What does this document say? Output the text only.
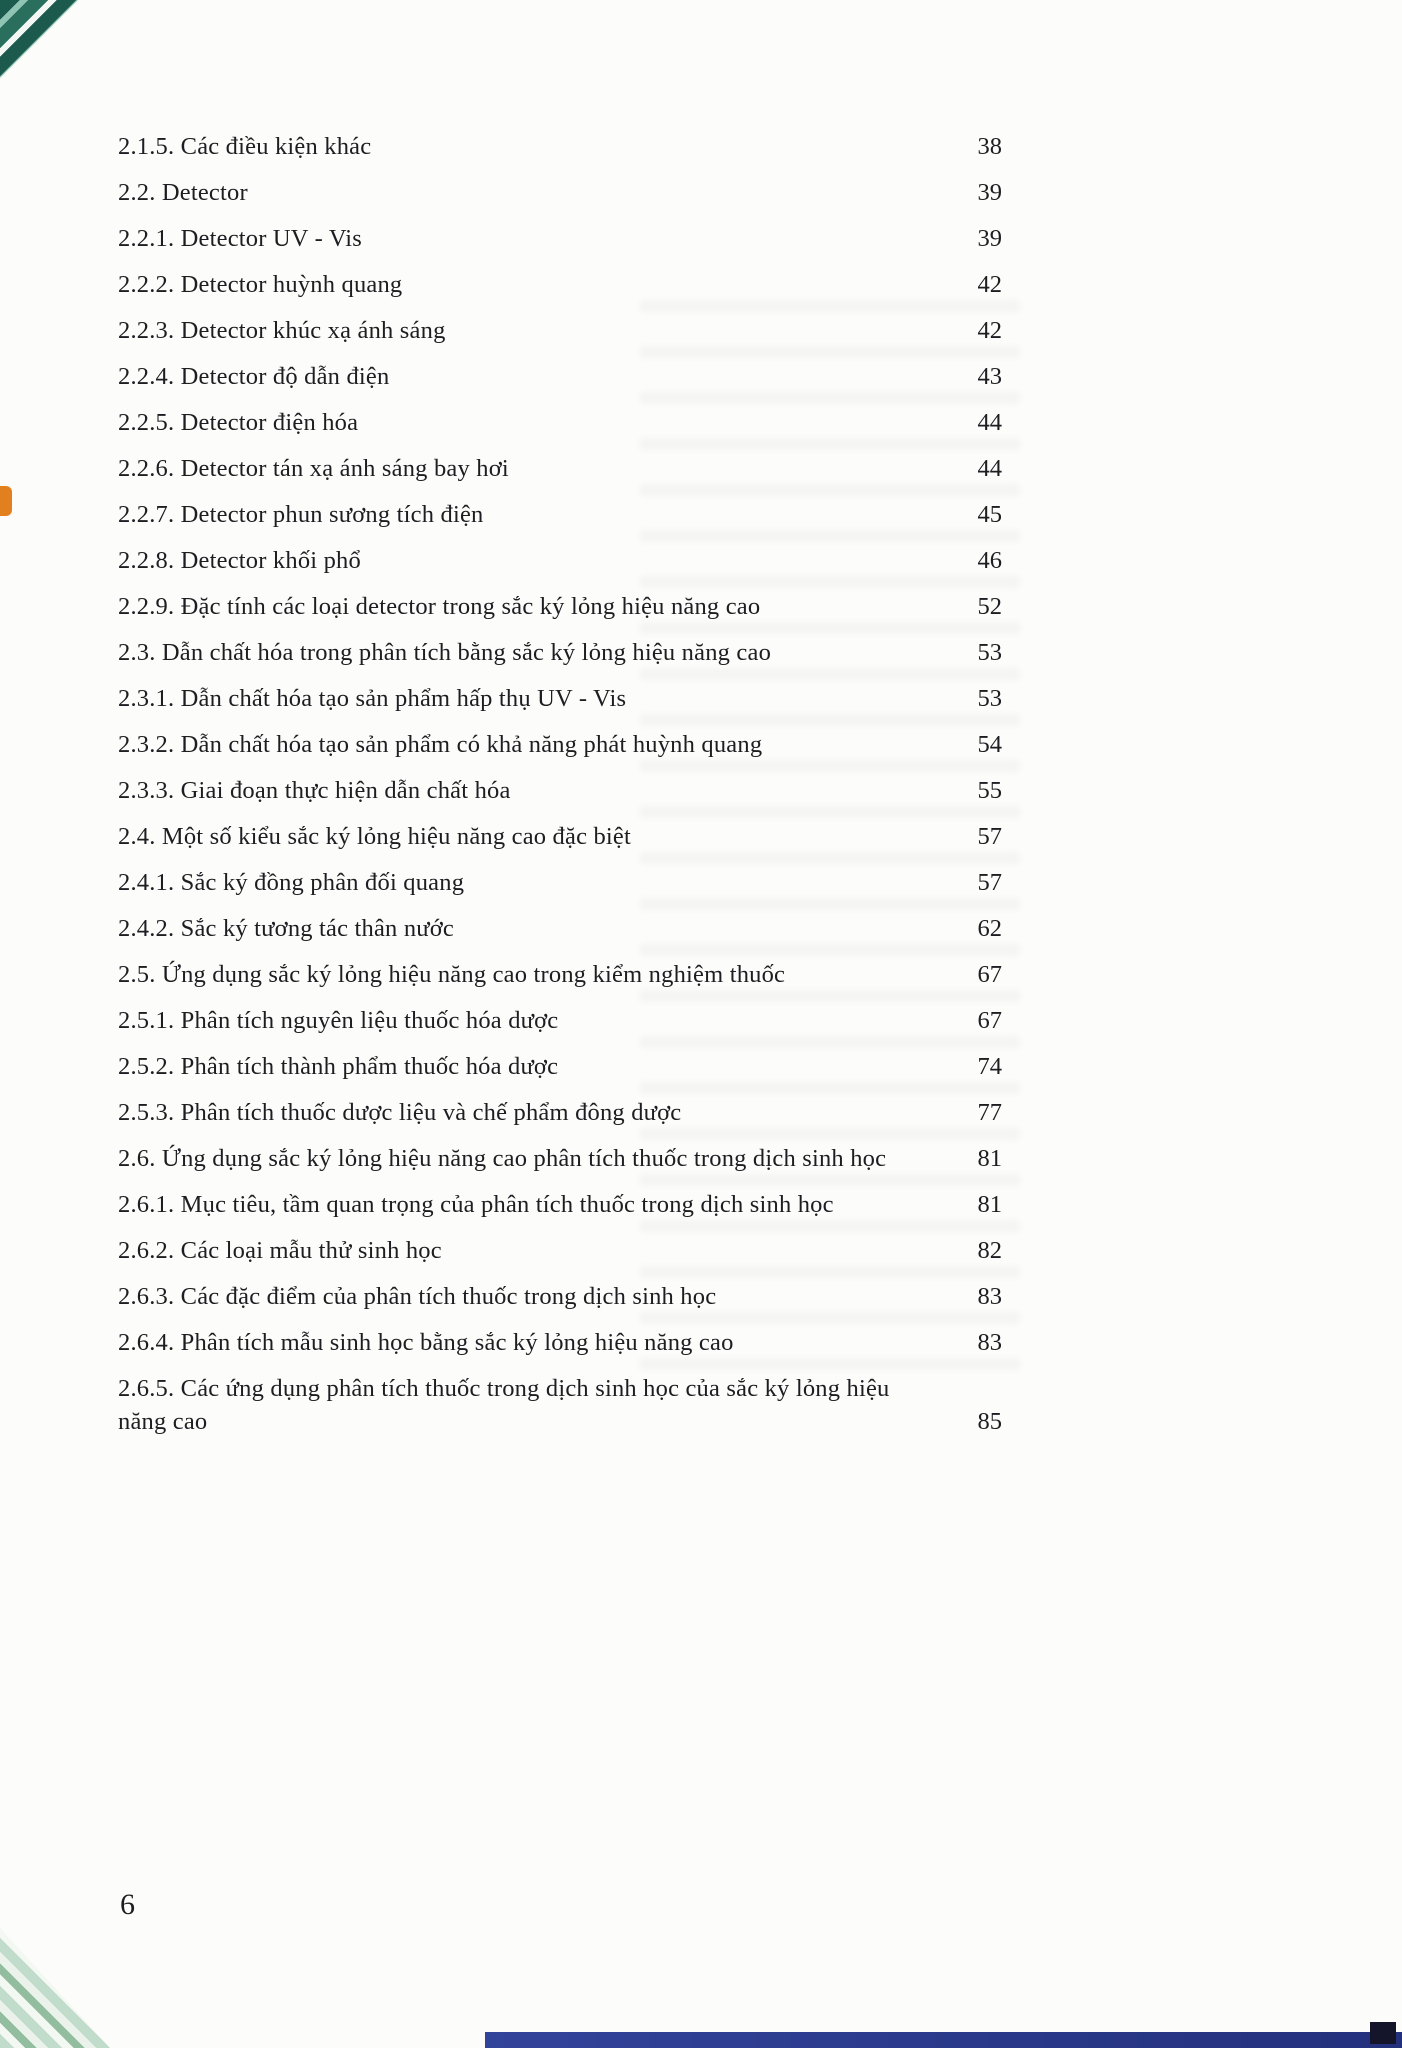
2.1.5. Các điều kiện khác	38
2.2. Detector	39
2.2.1. Detector UV - Vis	39
2.2.2. Detector huỳnh quang	42
2.2.3. Detector khúc xạ ánh sáng	42
2.2.4. Detector độ dẫn điện	43
2.2.5. Detector điện hóa	44
2.2.6. Detector tán xạ ánh sáng bay hơi	44
2.2.7. Detector phun sương tích điện	45
2.2.8. Detector khối phổ	46
2.2.9. Đặc tính các loại detector trong sắc ký lỏng hiệu năng cao	52
2.3. Dẫn chất hóa trong phân tích bằng sắc ký lỏng hiệu năng cao	53
2.3.1. Dẫn chất hóa tạo sản phẩm hấp thụ UV - Vis	53
2.3.2. Dẫn chất hóa tạo sản phẩm có khả năng phát huỳnh quang	54
2.3.3. Giai đoạn thực hiện dẫn chất hóa	55
2.4. Một số kiểu sắc ký lỏng hiệu năng cao đặc biệt	57
2.4.1. Sắc ký đồng phân đối quang	57
2.4.2. Sắc ký tương tác thân nước	62
2.5. Ứng dụng sắc ký lỏng hiệu năng cao trong kiểm nghiệm thuốc	67
2.5.1. Phân tích nguyên liệu thuốc hóa dược	67
2.5.2. Phân tích thành phẩm thuốc hóa dược	74
2.5.3. Phân tích thuốc dược liệu và chế phẩm đông dược	77
2.6. Ứng dụng sắc ký lỏng hiệu năng cao phân tích thuốc trong dịch sinh học	81
2.6.1. Mục tiêu, tầm quan trọng của phân tích thuốc trong dịch sinh học	81
2.6.2. Các loại mẫu thử sinh học	82
2.6.3. Các đặc điểm của phân tích thuốc trong dịch sinh học	83
2.6.4. Phân tích mẫu sinh học bằng sắc ký lỏng hiệu năng cao	83
2.6.5. Các ứng dụng phân tích thuốc trong dịch sinh học của sắc ký lỏng hiệu năng cao	85
6
